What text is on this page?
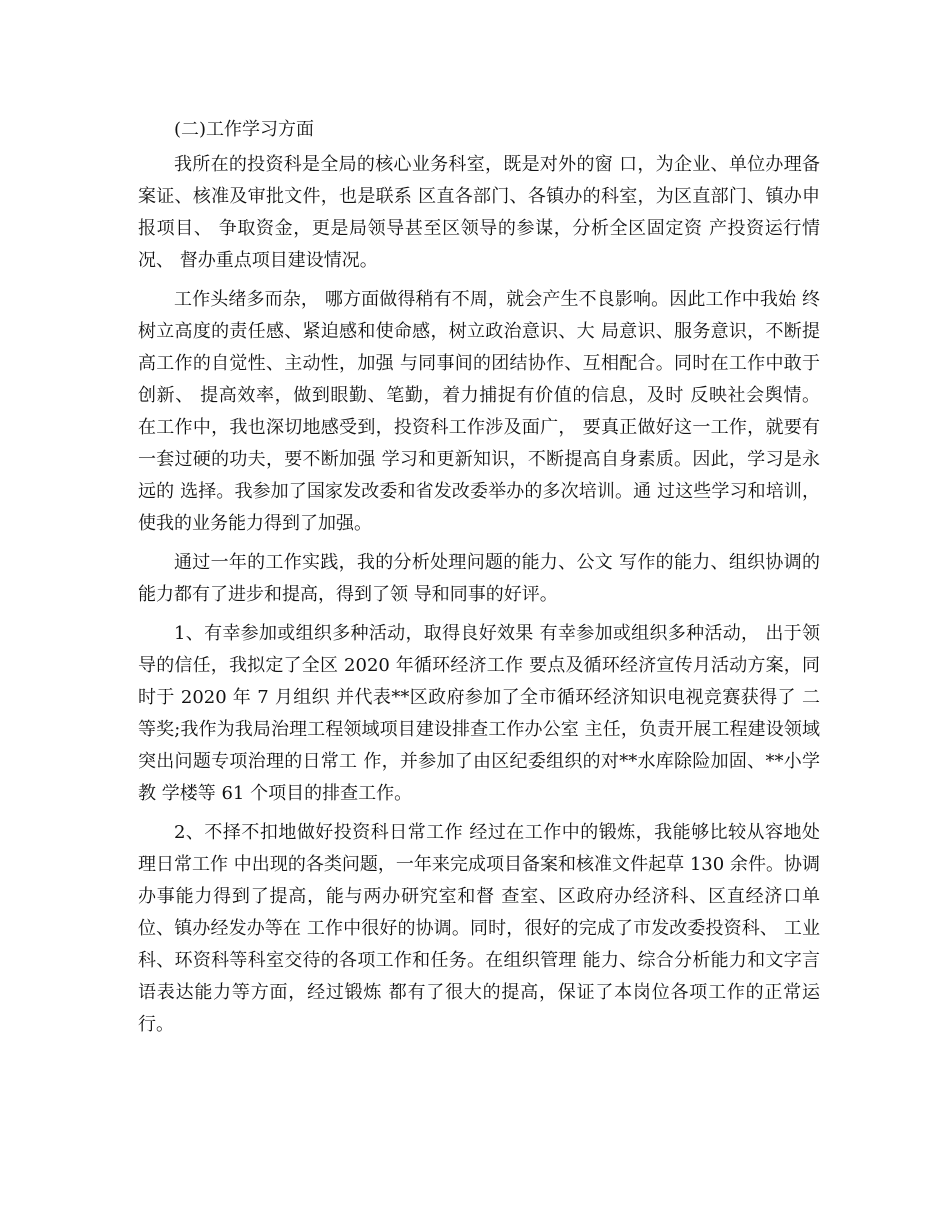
(二)工作学习方面

我所在的投资科是全局的核心业务科室，既是对外的窗 口，为企业、单位办理备案证、核准及审批文件，也是联系 区直各部门、各镇办的科室，为区直部门、镇办申报项目、 争取资金，更是局领导甚至区领导的参谋，分析全区固定资 产投资运行情况、 督办重点项目建设情况。

工作头绪多而杂， 哪方面做得稍有不周，就会产生不良影响。因此工作中我始 终树立高度的责任感、紧迫感和使命感，树立政治意识、大 局意识、服务意识，不断提高工作的自觉性、主动性，加强 与同事间的团结协作、互相配合。同时在工作中敢于创新、 提高效率，做到眼勤、笔勤，着力捕捉有价值的信息，及时 反映社会舆情。 在工作中，我也深切地感受到，投资科工作涉及面广， 要真正做好这一工作，就要有一套过硬的功夫，要不断加强 学习和更新知识，不断提高自身素质。因此，学习是永远的 选择。我参加了国家发改委和省发改委举办的多次培训。通 过这些学习和培训，使我的业务能力得到了加强。

通过一年的工作实践，我的分析处理问题的能力、公文 写作的能力、组织协调的能力都有了进步和提高，得到了领 导和同事的好评。

1、有幸参加或组织多种活动，取得良好效果 有幸参加或组织多种活动， 出于领导的信任，我拟定了全区 2020 年循环经济工作 要点及循环经济宣传月活动方案，同时于 2020 年 7 月组织 并代表**区政府参加了全市循环经济知识电视竞赛获得了 二等奖;我作为我局治理工程领域项目建设排查工作办公室 主任，负责开展工程建设领域突出问题专项治理的日常工 作，并参加了由区纪委组织的对**水库除险加固、**小学教 学楼等 61 个项目的排查工作。

2、不择不扣地做好投资科日常工作 经过在工作中的锻炼，我能够比较从容地处理日常工作 中出现的各类问题，一年来完成项目备案和核准文件起草 130 余件。协调办事能力得到了提高，能与两办研究室和督 查室、区政府办经济科、区直经济口单位、镇办经发办等在 工作中很好的协调。同时，很好的完成了市发改委投资科、 工业科、环资科等科室交待的各项工作和任务。在组织管理 能力、综合分析能力和文字言语表达能力等方面，经过锻炼 都有了很大的提高，保证了本岗位各项工作的正常运行。
